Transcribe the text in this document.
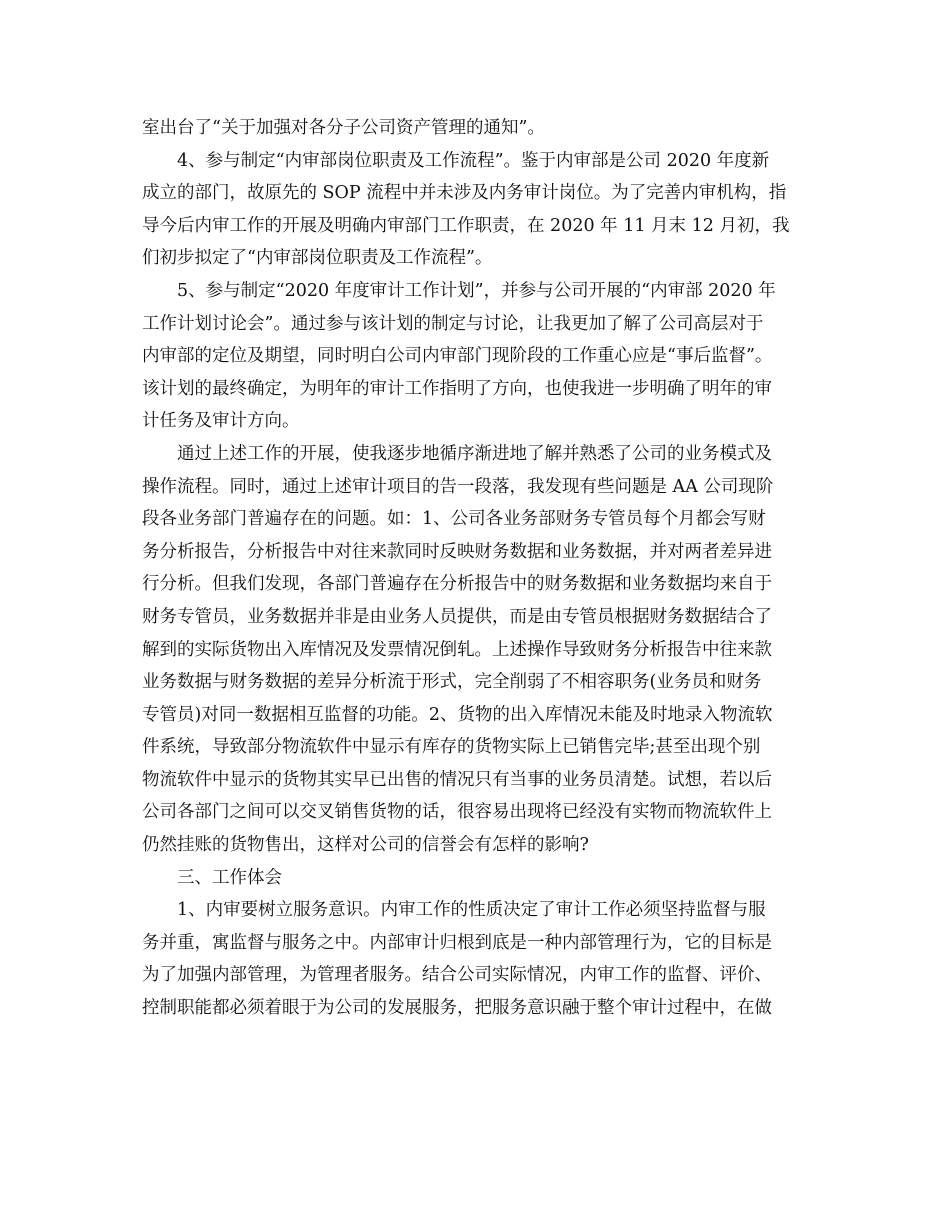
室出台了“关于加强对各分子公司资产管理的通知”。
4、参与制定“内审部岗位职责及工作流程”。鉴于内审部是公司 2020 年度新
成立的部门，故原先的 SOP 流程中并未涉及内务审计岗位。为了完善内审机构，指
导今后内审工作的开展及明确内审部门工作职责，在 2020 年 11 月末 12 月初，我
们初步拟定了“内审部岗位职责及工作流程”。
5、参与制定“2020 年度审计工作计划”，并参与公司开展的“内审部 2020 年
工作计划讨论会”。通过参与该计划的制定与讨论，让我更加了解了公司高层对于
内审部的定位及期望，同时明白公司内审部门现阶段的工作重心应是“事后监督”。
该计划的最终确定，为明年的审计工作指明了方向，也使我进一步明确了明年的审
计任务及审计方向。
通过上述工作的开展，使我逐步地循序渐进地了解并熟悉了公司的业务模式及
操作流程。同时，通过上述审计项目的告一段落，我发现有些问题是 AA 公司现阶
段各业务部门普遍存在的问题。如：1、公司各业务部财务专管员每个月都会写财
务分析报告，分析报告中对往来款同时反映财务数据和业务数据，并对两者差异进
行分析。但我们发现，各部门普遍存在分析报告中的财务数据和业务数据均来自于
财务专管员，业务数据并非是由业务人员提供，而是由专管员根据财务数据结合了
解到的实际货物出入库情况及发票情况倒轧。上述操作导致财务分析报告中往来款
业务数据与财务数据的差异分析流于形式，完全削弱了不相容职务(业务员和财务
专管员)对同一数据相互监督的功能。2、货物的出入库情况未能及时地录入物流软
件系统，导致部分物流软件中显示有库存的货物实际上已销售完毕;甚至出现个别
物流软件中显示的货物其实早已出售的情况只有当事的业务员清楚。试想，若以后
公司各部门之间可以交叉销售货物的话，很容易出现将已经没有实物而物流软件上
仍然挂账的货物售出，这样对公司的信誉会有怎样的影响?
三、工作体会
1、内审要树立服务意识。内审工作的性质决定了审计工作必须坚持监督与服
务并重，寓监督与服务之中。内部审计归根到底是一种内部管理行为，它的目标是
为了加强内部管理，为管理者服务。结合公司实际情况，内审工作的监督、评价、
控制职能都必须着眼于为公司的发展服务，把服务意识融于整个审计过程中，在做
